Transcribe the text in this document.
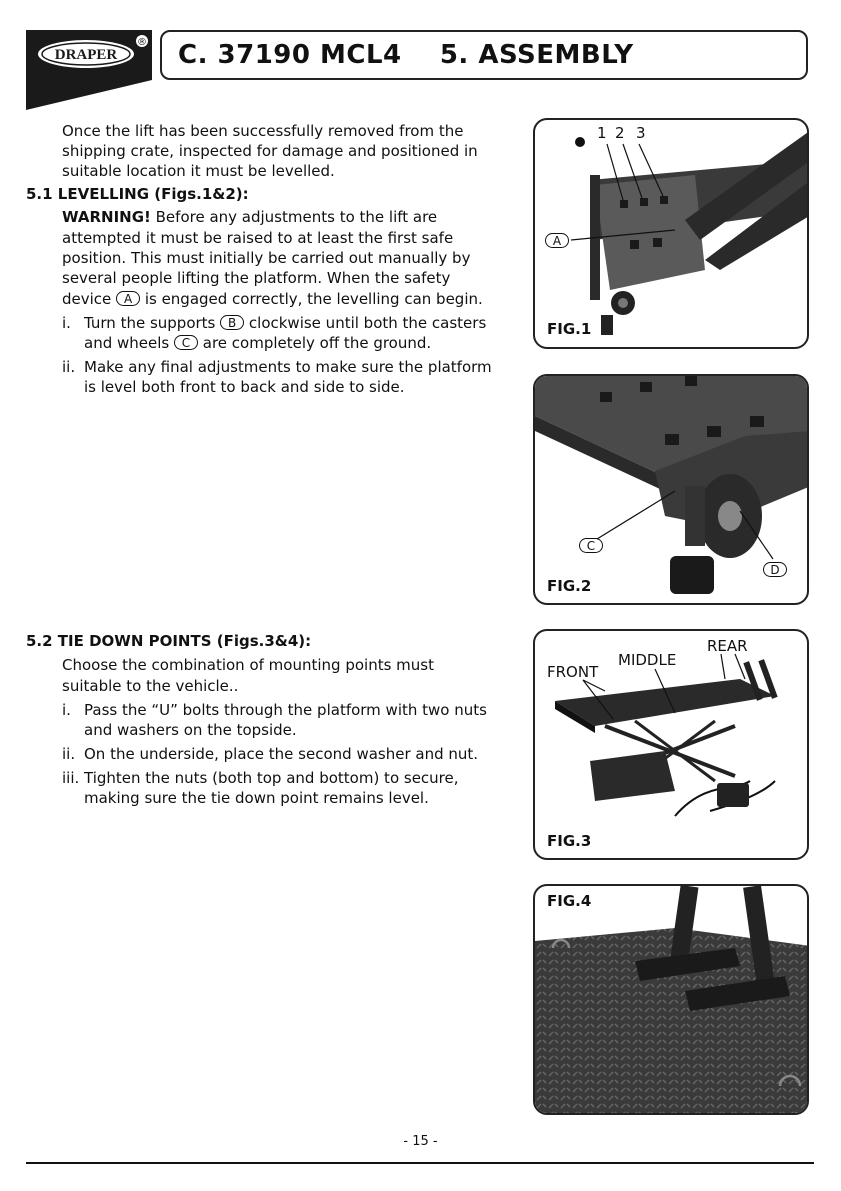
DRAPER
® C. 37190 MCL4    5. ASSEMBLY
Once the lift has been successfully removed from the
shipping crate, inspected for damage and positioned in
suitable location it must be levelled.
5.1 LEVELLING (Figs.1&2):
WARNING! Before any adjustments to the lift are
attempted it must be raised to at least the first safe
position. This must initially be carried out manually by
several people lifting the platform. When the safety
device A is engaged correctly, the levelling can begin.
i. Turn the supports B clockwise until both the casters
and wheels C are completely off the ground.
ii. Make any final adjustments to make sure the platform
is level both front to back and side to side.
5.2 TIE DOWN POINTS (Figs.3&4):
Choose the combination of mounting points must
suitable to the vehicle..
i. Pass the “U” bolts through the platform with two nuts
and washers on the topside.
ii. On the underside, place the second washer and nut.
iii. Tighten the nuts (both top and bottom) to secure,
making sure the tie down point remains level.
1 2 3
A
FIG.1
C
D
FIG.2
FRONT
MIDDLE
REAR
FIG.3
FIG.4
- 15 -
